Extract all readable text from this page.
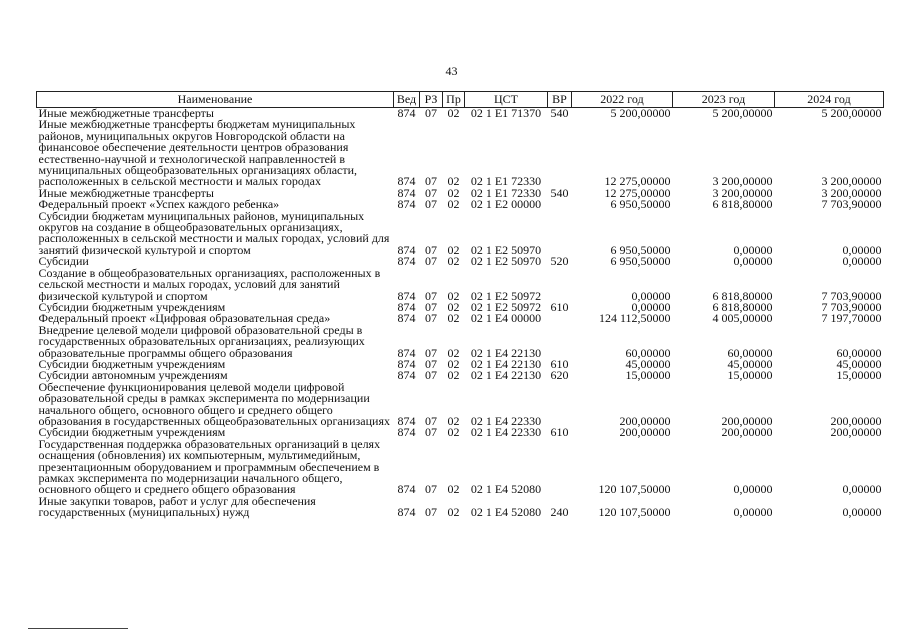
43
Наименование	Вед	РЗ	Пр	ЦСТ	ВР	2022 год	2023 год	2024 год
Иные межбюджетные трансферты	874	07	02	02 1 E1 71370	540	5 200,00000	5 200,00000	5 200,00000
Иные межбюджетные трансферты бюджетам муниципальных районов, муниципальных округов Новгородской области на финансовое обеспечение деятельности центров образования естественно-научной и технологической направленностей в муниципальных общеобразовательных организациях области, расположенных в сельской местности и малых городах	874	07	02	02 1 E1 72330		12 275,00000	3 200,00000	3 200,00000
Иные межбюджетные трансферты	874	07	02	02 1 E1 72330	540	12 275,00000	3 200,00000	3 200,00000
Федеральный проект «Успех каждого ребенка»	874	07	02	02 1 E2 00000		6 950,50000	6 818,80000	7 703,90000
Субсидии бюджетам муниципальных районов, муниципальных округов на создание в общеобразовательных организациях, расположенных в сельской местности и малых городах, условий для занятий физической культурой и спортом	874	07	02	02 1 E2 50970		6 950,50000	0,00000	0,00000
Субсидии	874	07	02	02 1 E2 50970	520	6 950,50000	0,00000	0,00000
Создание в общеобразовательных организациях, расположенных в сельской местности и малых городах, условий для занятий физической культурой и спортом	874	07	02	02 1 E2 50972		0,00000	6 818,80000	7 703,90000
Субсидии бюджетным учреждениям	874	07	02	02 1 E2 50972	610	0,00000	6 818,80000	7 703,90000
Федеральный проект «Цифровая образовательная среда»	874	07	02	02 1 E4 00000		124 112,50000	4 005,00000	7 197,70000
Внедрение целевой модели цифровой образовательной среды в государственных образовательных организациях, реализующих образовательные программы общего образования	874	07	02	02 1 E4 22130		60,00000	60,00000	60,00000
Субсидии бюджетным учреждениям	874	07	02	02 1 E4 22130	610	45,00000	45,00000	45,00000
Субсидии автономным учреждениям	874	07	02	02 1 E4 22130	620	15,00000	15,00000	15,00000
Обеспечение функционирования целевой модели цифровой образовательной среды в рамках эксперимента по модернизации начального общего, основного общего и среднего общего образования в государственных общеобразовательных организациях	874	07	02	02 1 E4 22330		200,00000	200,00000	200,00000
Субсидии бюджетным учреждениям	874	07	02	02 1 E4 22330	610	200,00000	200,00000	200,00000
Государственная поддержка образовательных организаций в целях оснащения (обновления) их компьютерным, мультимедийным, презентационным оборудованием и программным обеспечением в рамках эксперимента по модернизации начального общего, основного общего и среднего общего образования	874	07	02	02 1 E4 52080		120 107,50000	0,00000	0,00000
Иные закупки товаров, работ и услуг для обеспечения государственных (муниципальных) нужд	874	07	02	02 1 E4 52080	240	120 107,50000	0,00000	0,00000
